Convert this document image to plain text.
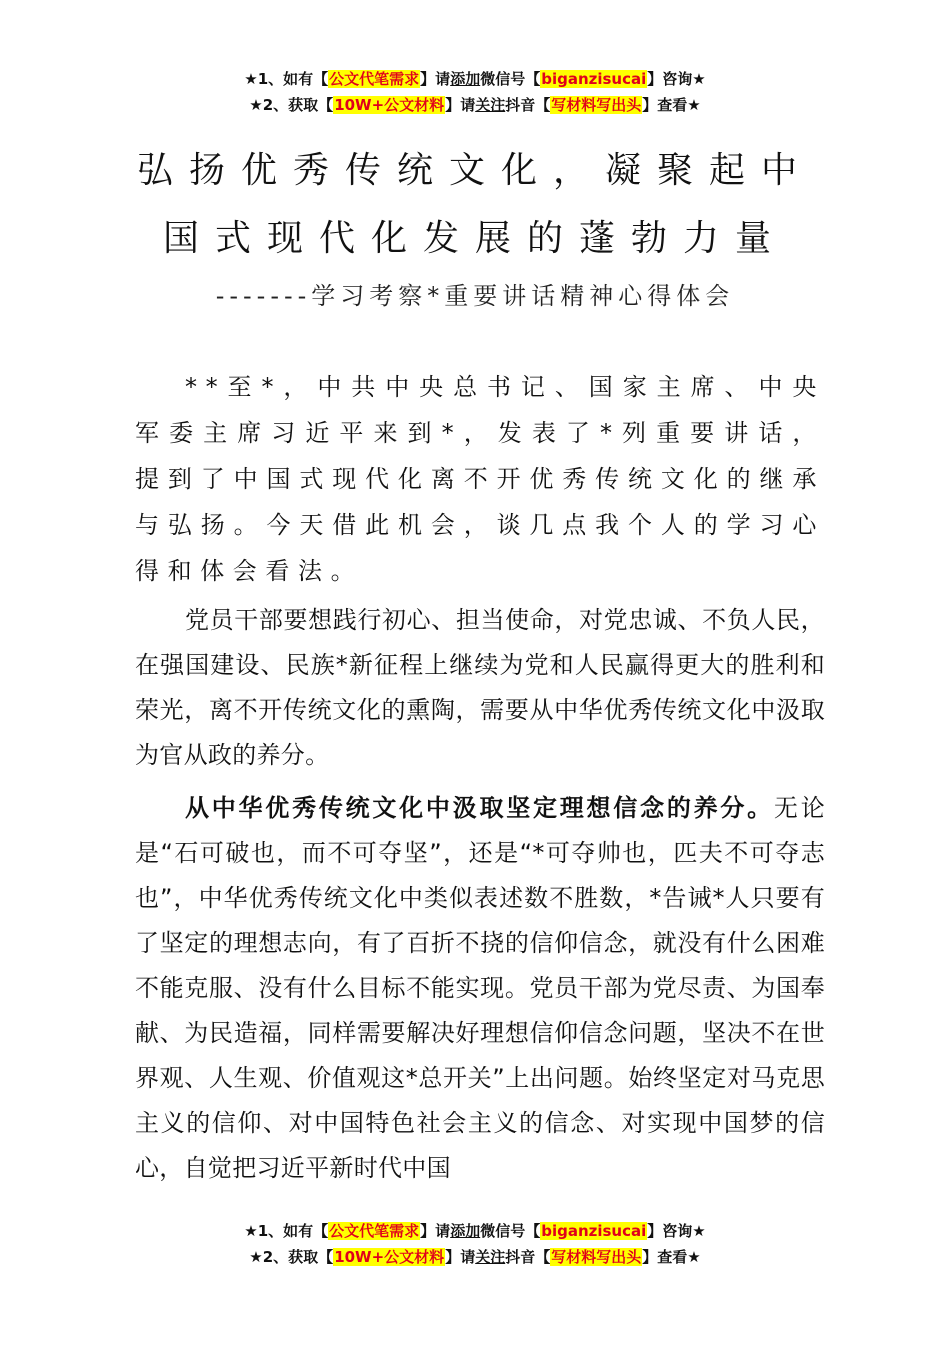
★1、如有【公文代笔需求】请添加微信号【biganzisucai】咨询★
★2、获取【10W+公文材料】请关注抖音【写材料写出头】查看★
弘扬优秀传统文化，凝聚起中
国式现代化发展的蓬勃力量
-------学习考察*重要讲话精神心得体会
**至*，中共中央总书记、国家主席、中央军委主席习近平来到*，发表了*列重要讲话，提到了中国式现代化离不开优秀传统文化的继承与弘扬。今天借此机会，谈几点我个人的学习心得和体会看法。
党员干部要想践行初心、担当使命，对党忠诚、不负人民，在强国建设、民族*新征程上继续为党和人民赢得更大的胜利和荣光，离不开传统文化的熏陶，需要从中华优秀传统文化中汲取为官从政的养分。
从中华优秀传统文化中汲取坚定理想信念的养分。无论是“石可破也，而不可夺坚”，还是“*可夺帅也，匹夫不可夺志也”，中华优秀传统文化中类似表述数不胜数，*告诫*人只要有了坚定的理想志向，有了百折不挠的信仰信念，就没有什么困难不能克服、没有什么目标不能实现。党员干部为党尽责、为国奉献、为民造福，同样需要解决好理想信仰信念问题，坚决不在世界观、人生观、价值观这*总开关”上出问题。始终坚定对马克思主义的信仰、对中国特色社会主义的信念、对实现中国梦的信心，自觉把习近平新时代中国
★1、如有【公文代笔需求】请添加微信号【biganzisucai】咨询★
★2、获取【10W+公文材料】请关注抖音【写材料写出头】查看★
